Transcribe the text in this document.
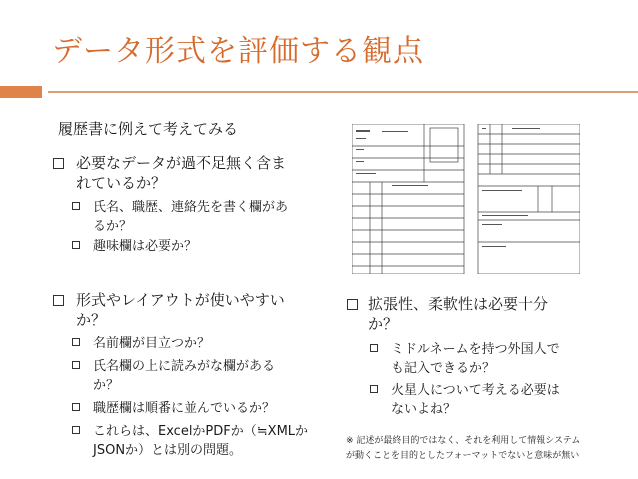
データ形式を評価する観点
履歴書に例えて考えてみる
必要なデータが過不足無く含ま
れているか？
氏名、職歴、連絡先を書く欄があ
るか？
趣味欄は必要か？
形式やレイアウトが使いやすい
か？
名前欄が目立つか？
氏名欄の上に読みがな欄がある
か？
職歴欄は順番に並んでいるか？
これらは、ExcelかPDFか（≒XMLか
JSONか）とは別の問題。
拡張性、柔軟性は必要十分
か？
ミドルネームを持つ外国人で
も記入できるか？
火星人について考える必要は
ないよね？
※ 記述が最終目的ではなく、それを利用して情報システム
が動くことを目的としたフォーマットでないと意味が無い
